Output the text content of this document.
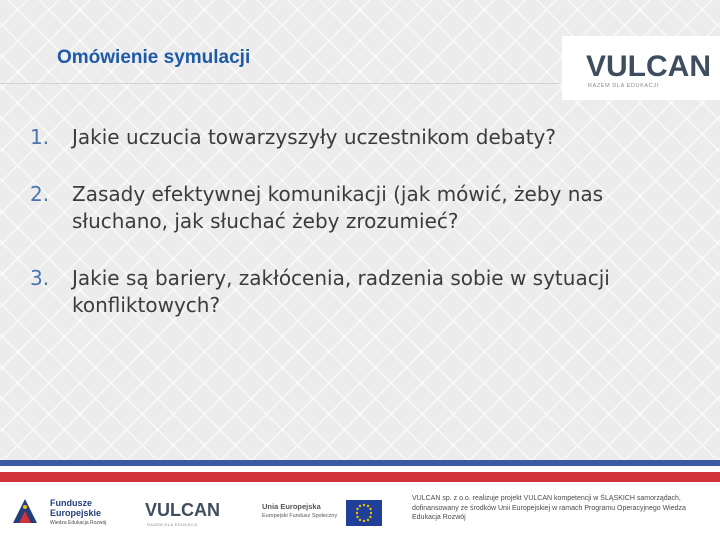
Omówienie symulacji	VULCAN
RAZEM DLA EDUKACJI
1. Jakie uczucia towarzyszyły uczestnikom debaty?
2. Zasady efektywnej komunikacji (jak mówić, żeby nas słuchano, jak słuchać żeby zrozumieć?
3. Jakie są bariery, zakłócenia, radzenia sobie w sytuacji konfliktowych?
Fundusze
Europejskie
Wiedza Edukacja Rozwój
VULCAN
RAZEM DLA EDUKACJI
Unia Europejska
Europejski Fundusz Społeczny
VULCAN sp. z o.o. realizuje projekt VULCAN kompetencji w ŚLĄSKICH samorządach, dofinansowany ze środków Unii Europejskiej w ramach Programu Operacyjnego Wiedza Edukacja Rozwój
